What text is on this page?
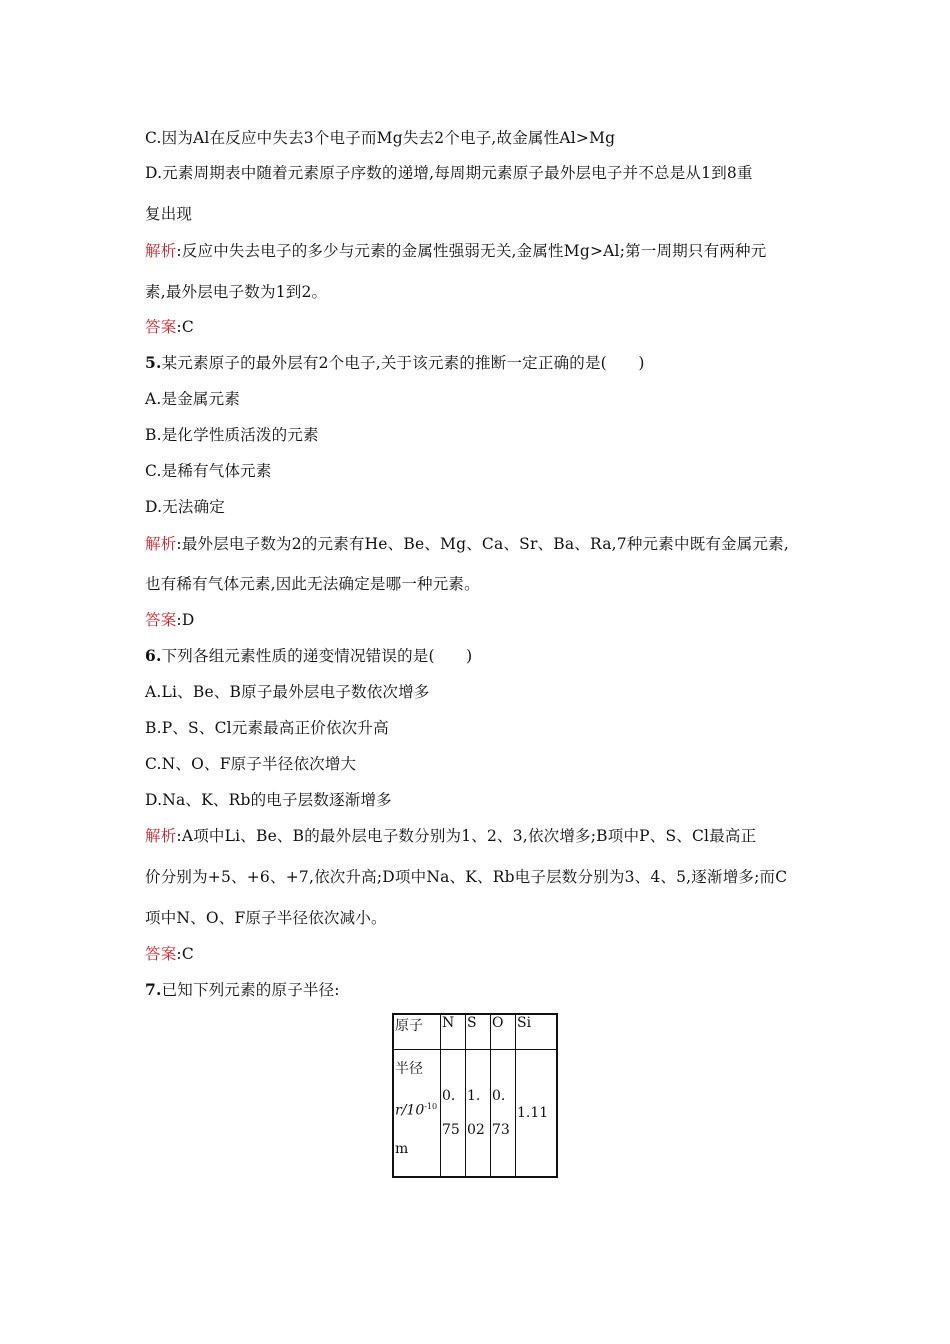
C.因为Al在反应中失去3个电子而Mg失去2个电子,故金属性Al>Mg
D.元素周期表中随着元素原子序数的递增,每周期元素原子最外层电子并不总是从1到8重
复出现
解析:反应中失去电子的多少与元素的金属性强弱无关,金属性Mg>Al;第一周期只有两种元
素,最外层电子数为1到2。
答案:C
5.某元素原子的最外层有2个电子,关于该元素的推断一定正确的是(　　)
A.是金属元素
B.是化学性质活泼的元素
C.是稀有气体元素
D.无法确定
解析:最外层电子数为2的元素有He、Be、Mg、Ca、Sr、Ba、Ra,7种元素中既有金属元素,
也有稀有气体元素,因此无法确定是哪一种元素。
答案:D
6.下列各组元素性质的递变情况错误的是(　　)
A.Li、Be、B原子最外层电子数依次增多
B.P、S、Cl元素最高正价依次升高
C.N、O、F原子半径依次增大
D.Na、K、Rb的电子层数逐渐增多
解析:A项中Li、Be、B的最外层电子数分别为1、2、3,依次增多;B项中P、S、Cl最高正
价分别为+5、+6、+7,依次升高;D项中Na、K、Rb电子层数分别为3、4、5,逐渐增多;而C
项中N、O、F原子半径依次减小。
答案:C
7.已知下列元素的原子半径:
原子	N	S	O	Si

半径
$r/10^{-10}$ m	0.75	1.02	0.73	1.11
